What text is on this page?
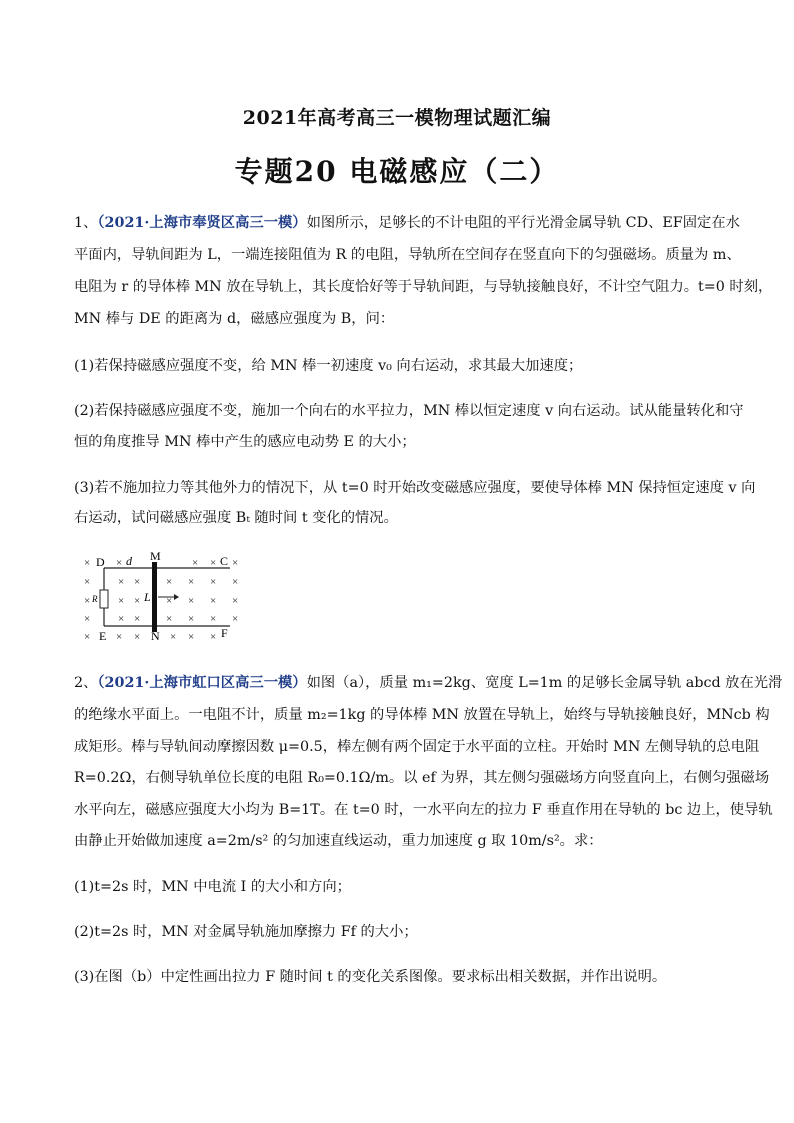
2021年高考高三一模物理试题汇编
专题20 电磁感应（二）
1、（2021·上海市奉贤区高三一模）如图所示，足够长的不计电阻的平行光滑金属导轨 CD、EF固定在水
平面内，导轨间距为 L，一端连接阻值为 R 的电阻，导轨所在空间存在竖直向下的匀强磁场。质量为 m、
电阻为 r 的导体棒 MN 放在导轨上，其长度恰好等于导轨间距，与导轨接触良好，不计空气阻力。t=0 时刻，
MN 棒与 DE 的距离为 d，磁感应强度为 B，问：
(1)若保持磁感应强度不变，给 MN 棒一初速度 v₀ 向右运动，求其最大加速度；
(2)若保持磁感应强度不变，施加一个向右的水平拉力，MN 棒以恒定速度 v 向右运动。试从能量转化和守
恒的角度推导 MN 棒中产生的感应电动势 E 的大小；
(3)若不施加拉力等其他外力的情况下，从 t=0 时开始改变磁感应强度，要使导体棒 MN 保持恒定速度 v 向
右运动，试问磁感应强度 Bₜ 随时间 t 变化的情况。
× ×	× × ×
×	× × × × × ×
×	× × × × × ×
×	× × × × × ×
× × ×	× × ×
D	C
M
E	N	F
d
R	L
2、（2021·上海市虹口区高三一模）如图（a），质量 m₁=2kg、宽度 L=1m 的足够长金属导轨 abcd 放在光滑
的绝缘水平面上。一电阻不计，质量 m₂=1kg 的导体棒 MN 放置在导轨上，始终与导轨接触良好，MNcb 构
成矩形。棒与导轨间动摩擦因数 μ=0.5，棒左侧有两个固定于水平面的立柱。开始时 MN 左侧导轨的总电阻
R=0.2Ω，右侧导轨单位长度的电阻 R₀=0.1Ω/m。以 ef 为界，其左侧匀强磁场方向竖直向上，右侧匀强磁场
水平向左，磁感应强度大小均为 B=1T。在 t=0 时，一水平向左的拉力 F 垂直作用在导轨的 bc 边上，使导轨
由静止开始做加速度 a=2m/s² 的匀加速直线运动，重力加速度 g 取 10m/s²。求：
(1)t=2s 时，MN 中电流 I 的大小和方向；
(2)t=2s 时，MN 对金属导轨施加摩擦力 Ff 的大小；
(3)在图（b）中定性画出拉力 F 随时间 t 的变化关系图像。要求标出相关数据，并作出说明。
